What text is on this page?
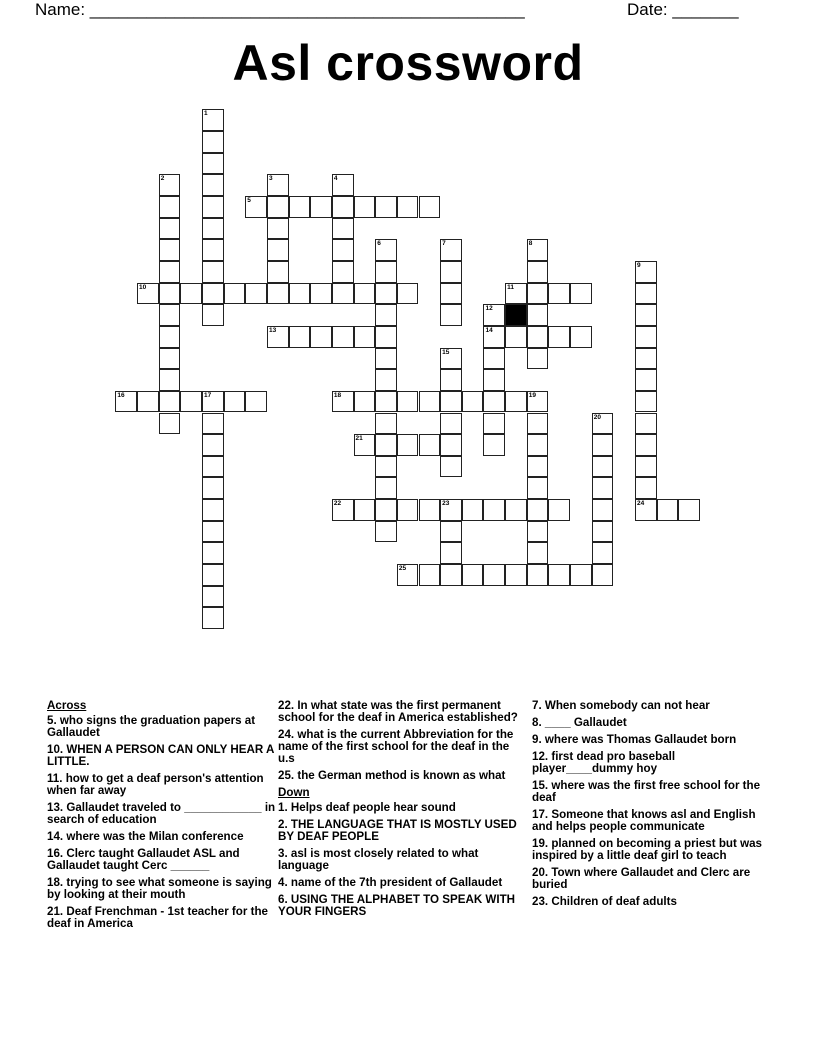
Name: ______________________________________________	Date: _______
Asl crossword
5
10	11
13	14
16	17	18	19
21
22	23	24
25
1
2	3	4
6	7	8
9
12
15
20
Across
5. who signs the graduation papers at Gallaudet
10. WHEN A PERSON CAN ONLY HEAR A LITTLE.
11. how to get a deaf person's attention when far away
13. Gallaudet traveled to ____________ in search of education
14. where was the Milan conference
16. Clerc taught Gallaudet ASL and Gallaudet taught Cerc ______
18. trying to see what someone is saying by looking at their mouth
21. Deaf Frenchman - 1st teacher for the deaf in America
22. In what state was the first permanent school for the deaf in America established?
24. what is the current Abbreviation for the name of the first school for the deaf in the u.s
25. the German method is known as what
Down
1. Helps deaf people hear sound
2. THE LANGUAGE THAT IS MOSTLY USED BY DEAF PEOPLE
3. asl is most closely related to what language
4. name of the 7th president of Gallaudet
6. USING THE ALPHABET TO SPEAK WITH YOUR FINGERS
7. When somebody can not hear
8. ____ Gallaudet
9. where was Thomas Gallaudet born
12. first dead pro baseball player____dummy hoy
15. where was the first free school for the deaf
17. Someone that knows asl and English and helps people communicate
19. planned on becoming a priest but was inspired by a little deaf girl to teach
20. Town where Gallaudet and Clerc are buried
23. Children of deaf adults
